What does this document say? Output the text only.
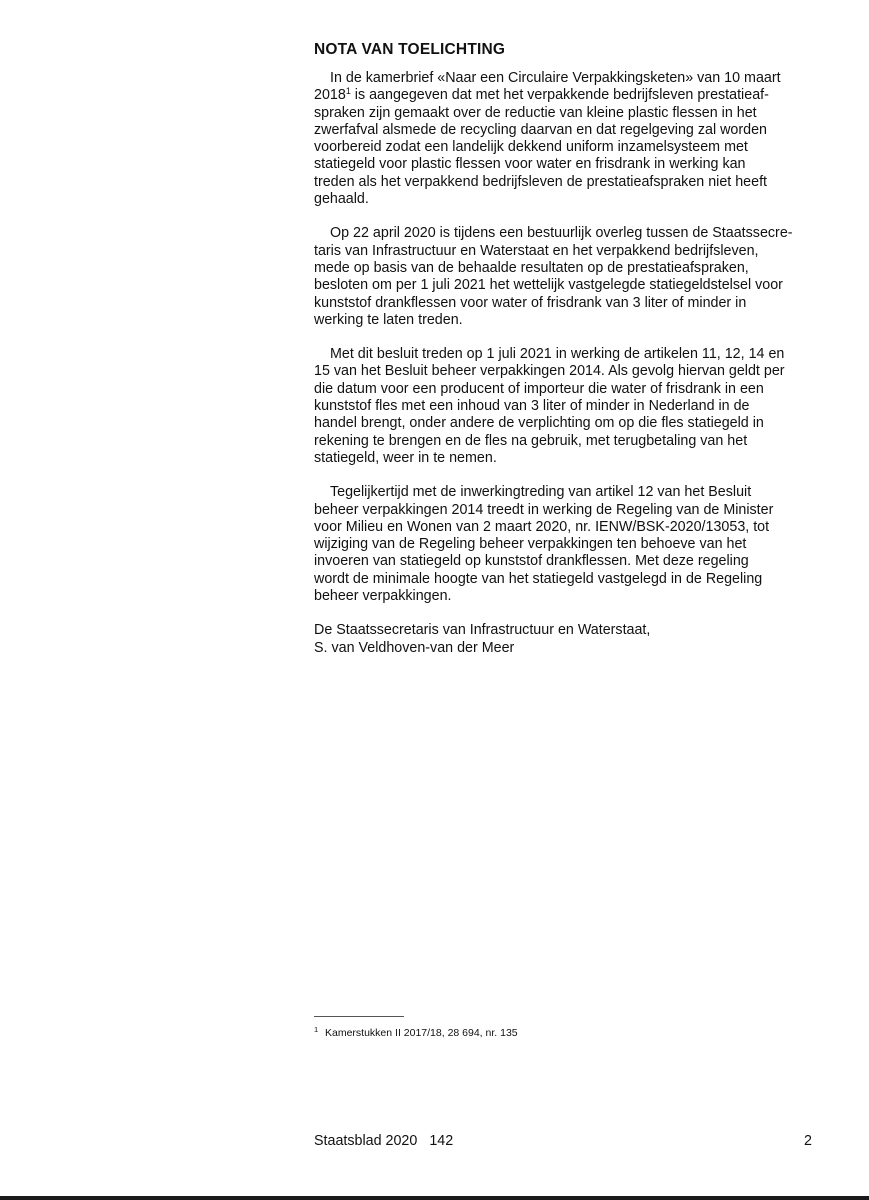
NOTA VAN TOELICHTING

In de kamerbrief «Naar een Circulaire Verpakkingsketen» van 10 maart
2018$^1$ is aangegeven dat met het verpakkende bedrijfsleven prestatieaf-
spraken zijn gemaakt over de reductie van kleine plastic flessen in het
zwerfafval alsmede de recycling daarvan en dat regelgeving zal worden
voorbereid zodat een landelijk dekkend uniform inzamelsysteem met
statiegeld voor plastic flessen voor water en frisdrank in werking kan
treden als het verpakkend bedrijfsleven de prestatieafspraken niet heeft
gehaald.

Op 22 april 2020 is tijdens een bestuurlijk overleg tussen de Staatssecre-
taris van Infrastructuur en Waterstaat en het verpakkend bedrijfsleven,
mede op basis van de behaalde resultaten op de prestatieafspraken,
besloten om per 1 juli 2021 het wettelijk vastgelegde statiegeldstelsel voor
kunststof drankflessen voor water of frisdrank van 3 liter of minder in
werking te laten treden.

Met dit besluit treden op 1 juli 2021 in werking de artikelen 11, 12, 14 en
15 van het Besluit beheer verpakkingen 2014. Als gevolg hiervan geldt per
die datum voor een producent of importeur die water of frisdrank in een
kunststof fles met een inhoud van 3 liter of minder in Nederland in de
handel brengt, onder andere de verplichting om op die fles statiegeld in
rekening te brengen en de fles na gebruik, met terugbetaling van het
statiegeld, weer in te nemen.

Tegelijkertijd met de inwerkingtreding van artikel 12 van het Besluit
beheer verpakkingen 2014 treedt in werking de Regeling van de Minister
voor Milieu en Wonen van 2 maart 2020, nr. IENW/BSK-2020/13053, tot
wijziging van de Regeling beheer verpakkingen ten behoeve van het
invoeren van statiegeld op kunststof drankflessen. Met deze regeling
wordt de minimale hoogte van het statiegeld vastgelegd in de Regeling
beheer verpakkingen.

De Staatssecretaris van Infrastructuur en Waterstaat,

S. van Veldhoven-van der Meer

1 Kamerstukken II 2017/18, 28 694, nr. 135
Staatsblad 2020 142	2
